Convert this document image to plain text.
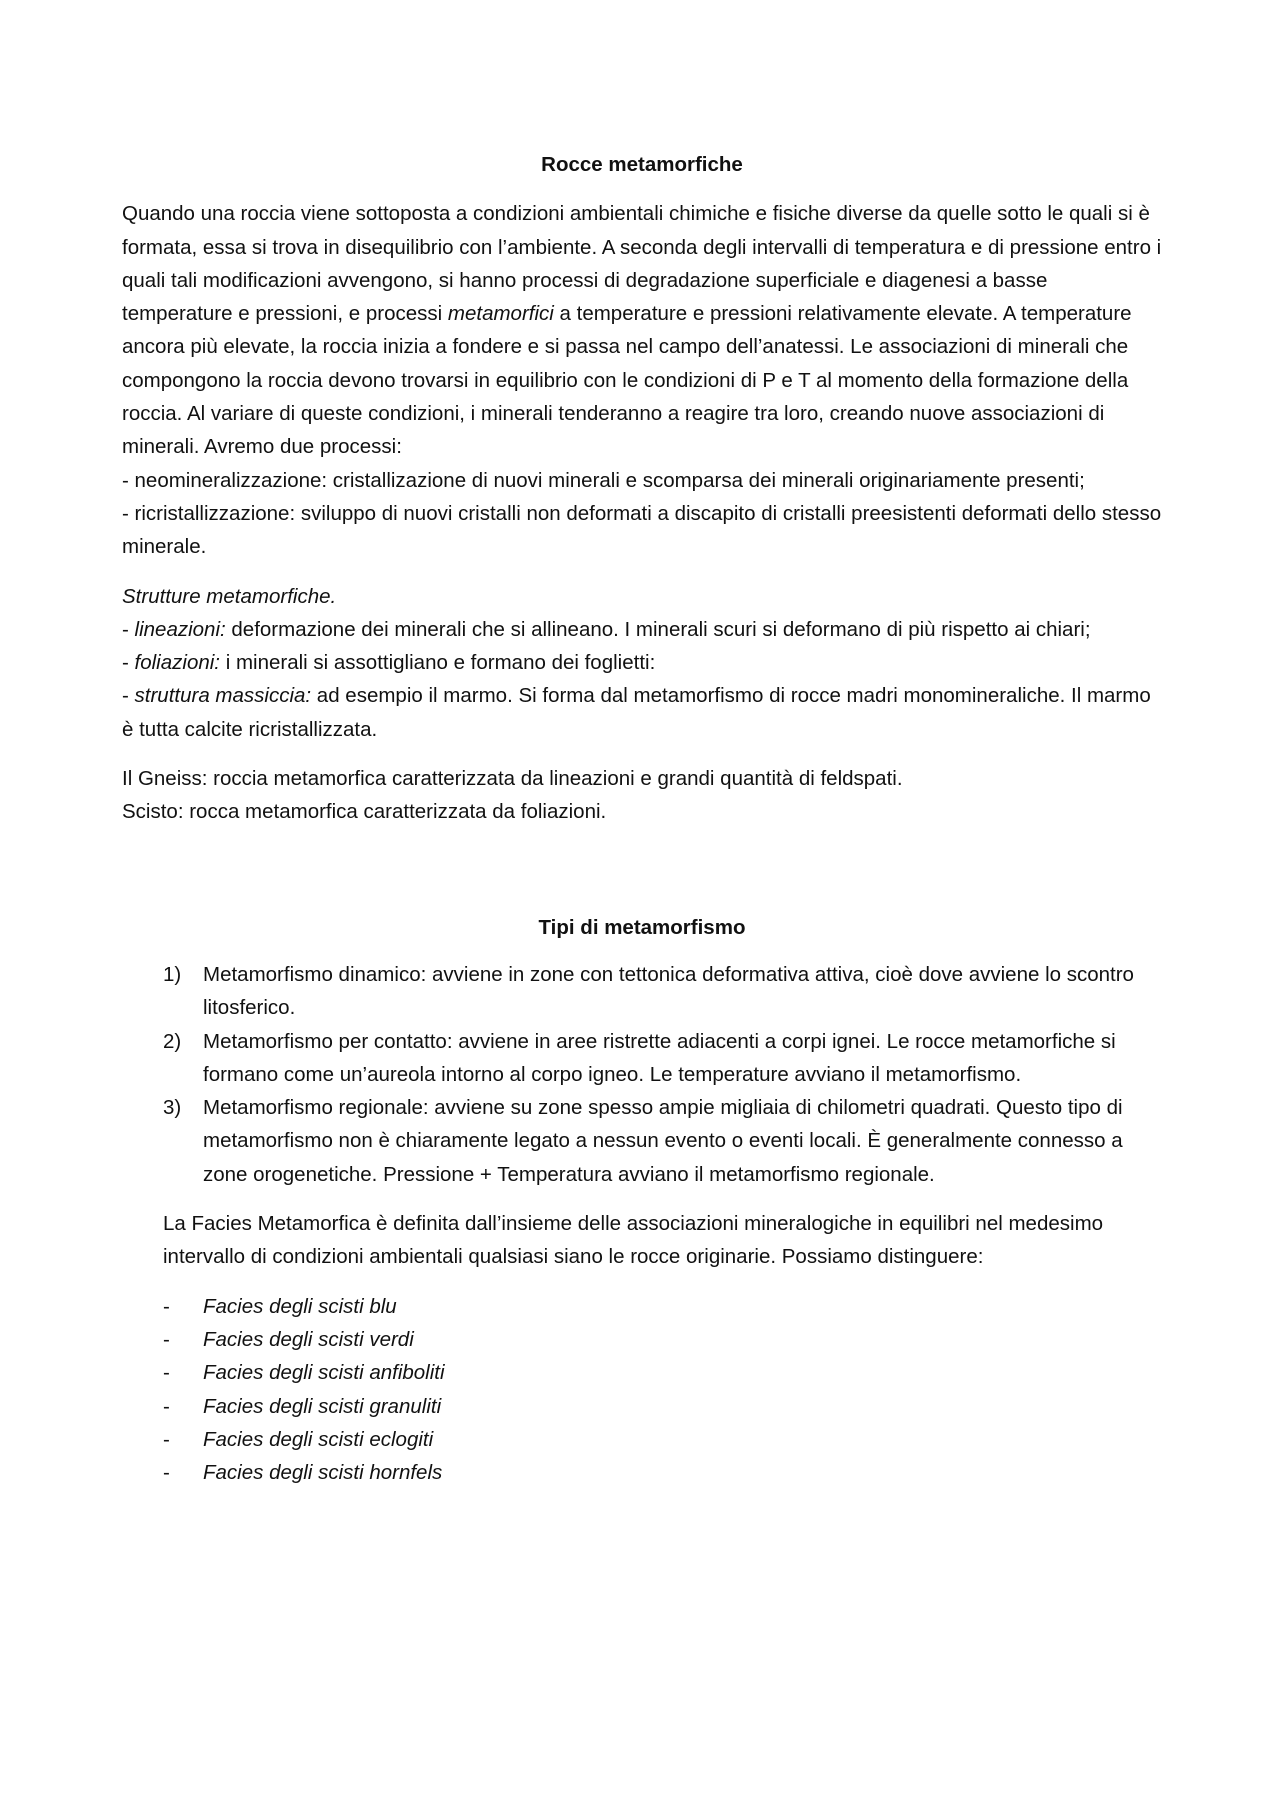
Rocce metamorfiche

Quando una roccia viene sottoposta a condizioni ambientali chimiche e fisiche diverse da quelle sotto le quali si è formata, essa si trova in disequilibrio con l’ambiente. A seconda degli intervalli di temperatura e di pressione entro i quali tali modificazioni avvengono, si hanno processi di degradazione superficiale e diagenesi a basse temperature e pressioni, e processi metamorfici a temperature e pressioni relativamente elevate. A temperature ancora più elevate, la roccia inizia a fondere e si passa nel campo dell’anatessi. Le associazioni di minerali che compongono la roccia devono trovarsi in equilibrio con le condizioni di P e T al momento della formazione della roccia. Al variare di queste condizioni, i minerali tenderanno a reagire tra loro, creando nuove associazioni di minerali. Avremo due processi:

- neomineralizzazione: cristallizazione di nuovi minerali e scomparsa dei minerali originariamente presenti;

- ricristallizzazione: sviluppo di nuovi cristalli non deformati a discapito di cristalli preesistenti deformati dello stesso minerale.

Strutture metamorfiche.

- lineazioni: deformazione dei minerali che si allineano. I minerali scuri si deformano di più rispetto ai chiari;

- foliazioni: i minerali si assottigliano e formano dei foglietti:

- struttura massiccia: ad esempio il marmo. Si forma dal metamorfismo di rocce madri monomineraliche. Il marmo è tutta calcite ricristallizzata.

Il Gneiss: roccia metamorfica caratterizzata da lineazioni e grandi quantità di feldspati.

Scisto: rocca metamorfica caratterizzata da foliazioni.

Tipi di metamorfismo

1) Metamorfismo dinamico: avviene in zone con tettonica deformativa attiva, cioè dove avviene lo scontro litosferico.
2) Metamorfismo per contatto: avviene in aree ristrette adiacenti a corpi ignei. Le rocce metamorfiche si formano come un’aureola intorno al corpo igneo. Le temperature avviano il metamorfismo.
3) Metamorfismo regionale: avviene su zone spesso ampie migliaia di chilometri quadrati. Questo tipo di metamorfismo non è chiaramente legato a nessun evento o eventi locali. È generalmente connesso a zone orogenetiche. Pressione + Temperatura avviano il metamorfismo regionale.

La Facies Metamorfica è definita dall’insieme delle associazioni mineralogiche in equilibri nel medesimo intervallo di condizioni ambientali qualsiasi siano le rocce originarie. Possiamo distinguere:

- Facies degli scisti blu
- Facies degli scisti verdi
- Facies degli scisti anfiboliti
- Facies degli scisti granuliti
- Facies degli scisti eclogiti
- Facies degli scisti hornfels
